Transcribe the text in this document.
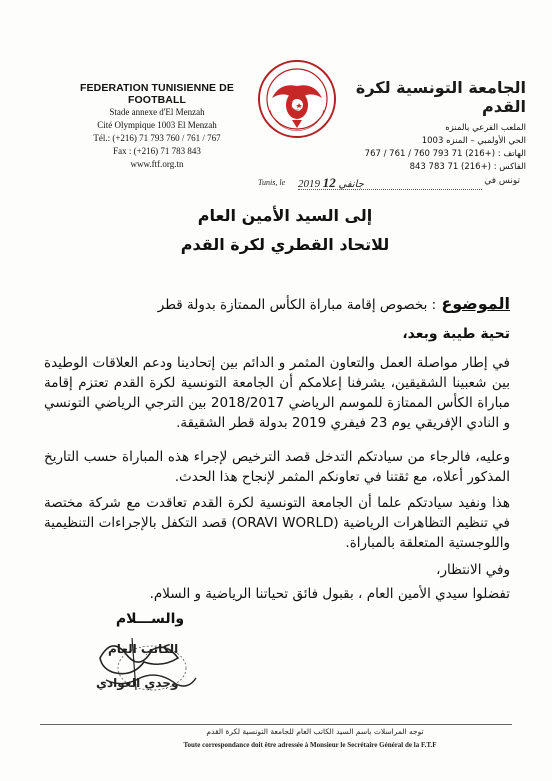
FEDERATION TUNISIENNE DE FOOTBALL
Stade annexe d'El Menzah
Cité Olympique 1003 El Menzah
Tél.: (+216) 71 793 760 / 761 / 767
Fax : (+216) 71 783 843
www.ftf.org.tn
الجامعة التونسية لكرة القدم
الملعب الفرعي بالمنزه
الحي الأولمبي – المنزه 1003
الهاتف : (+216) 71 793 760 / 761 / 767
الفاكس : (+216) 71 783 843
Tunis, le 2019 جانفي 12	تونس في
إلى السيد الأمين العام
للاتحاد القطري لكرة القدم
الموضوع : بخصوص إقامة مباراة الكأس الممتازة بدولة قطر
تحية طيبة وبعد،
في إطار مواصلة العمل والتعاون المثمر و الدائم بين إتحادينا ودعم العلاقات الوطيدة بين شعبينا الشقيقين، يشرفنا إعلامكم أن الجامعة التونسية لكرة القدم تعتزم إقامة مباراة الكأس الممتازة للموسم الرياضي 2018/2017 بين الترجي الرياضي التونسي و النادي الإفريقي يوم 23 فيفري 2019 بدولة قطر الشقيقة.
وعليه، فالرجاء من سيادتكم التدخل قصد الترخيص لإجراء هذه المباراة حسب التاريخ المذكور أعلاه، مع ثقتنا في تعاونكم المثمر لإنجاح هذا الحدث.
هذا ونفيد سيادتكم علما أن الجامعة التونسية لكرة القدم تعاقدت مع شركة مختصة في تنظيم التظاهرات الرياضية (ORAVI WORLD) قصد التكفل بالإجراءات التنظيمية واللوجستية المتعلقة بالمباراة.
وفي الانتظار،
تفضلوا سيدي الأمين العام ، بقبول فائق تحياتنا الرياضية و السلام.
والســـلام
الكاتب العام
وجدي العوادي
توجه المراسلات باسم السيد الكاتب العام للجامعة التونسية لكرة القدم
Toute correspondance doit être adressée à Monsieur le Secrétaire Général de la F.T.F
